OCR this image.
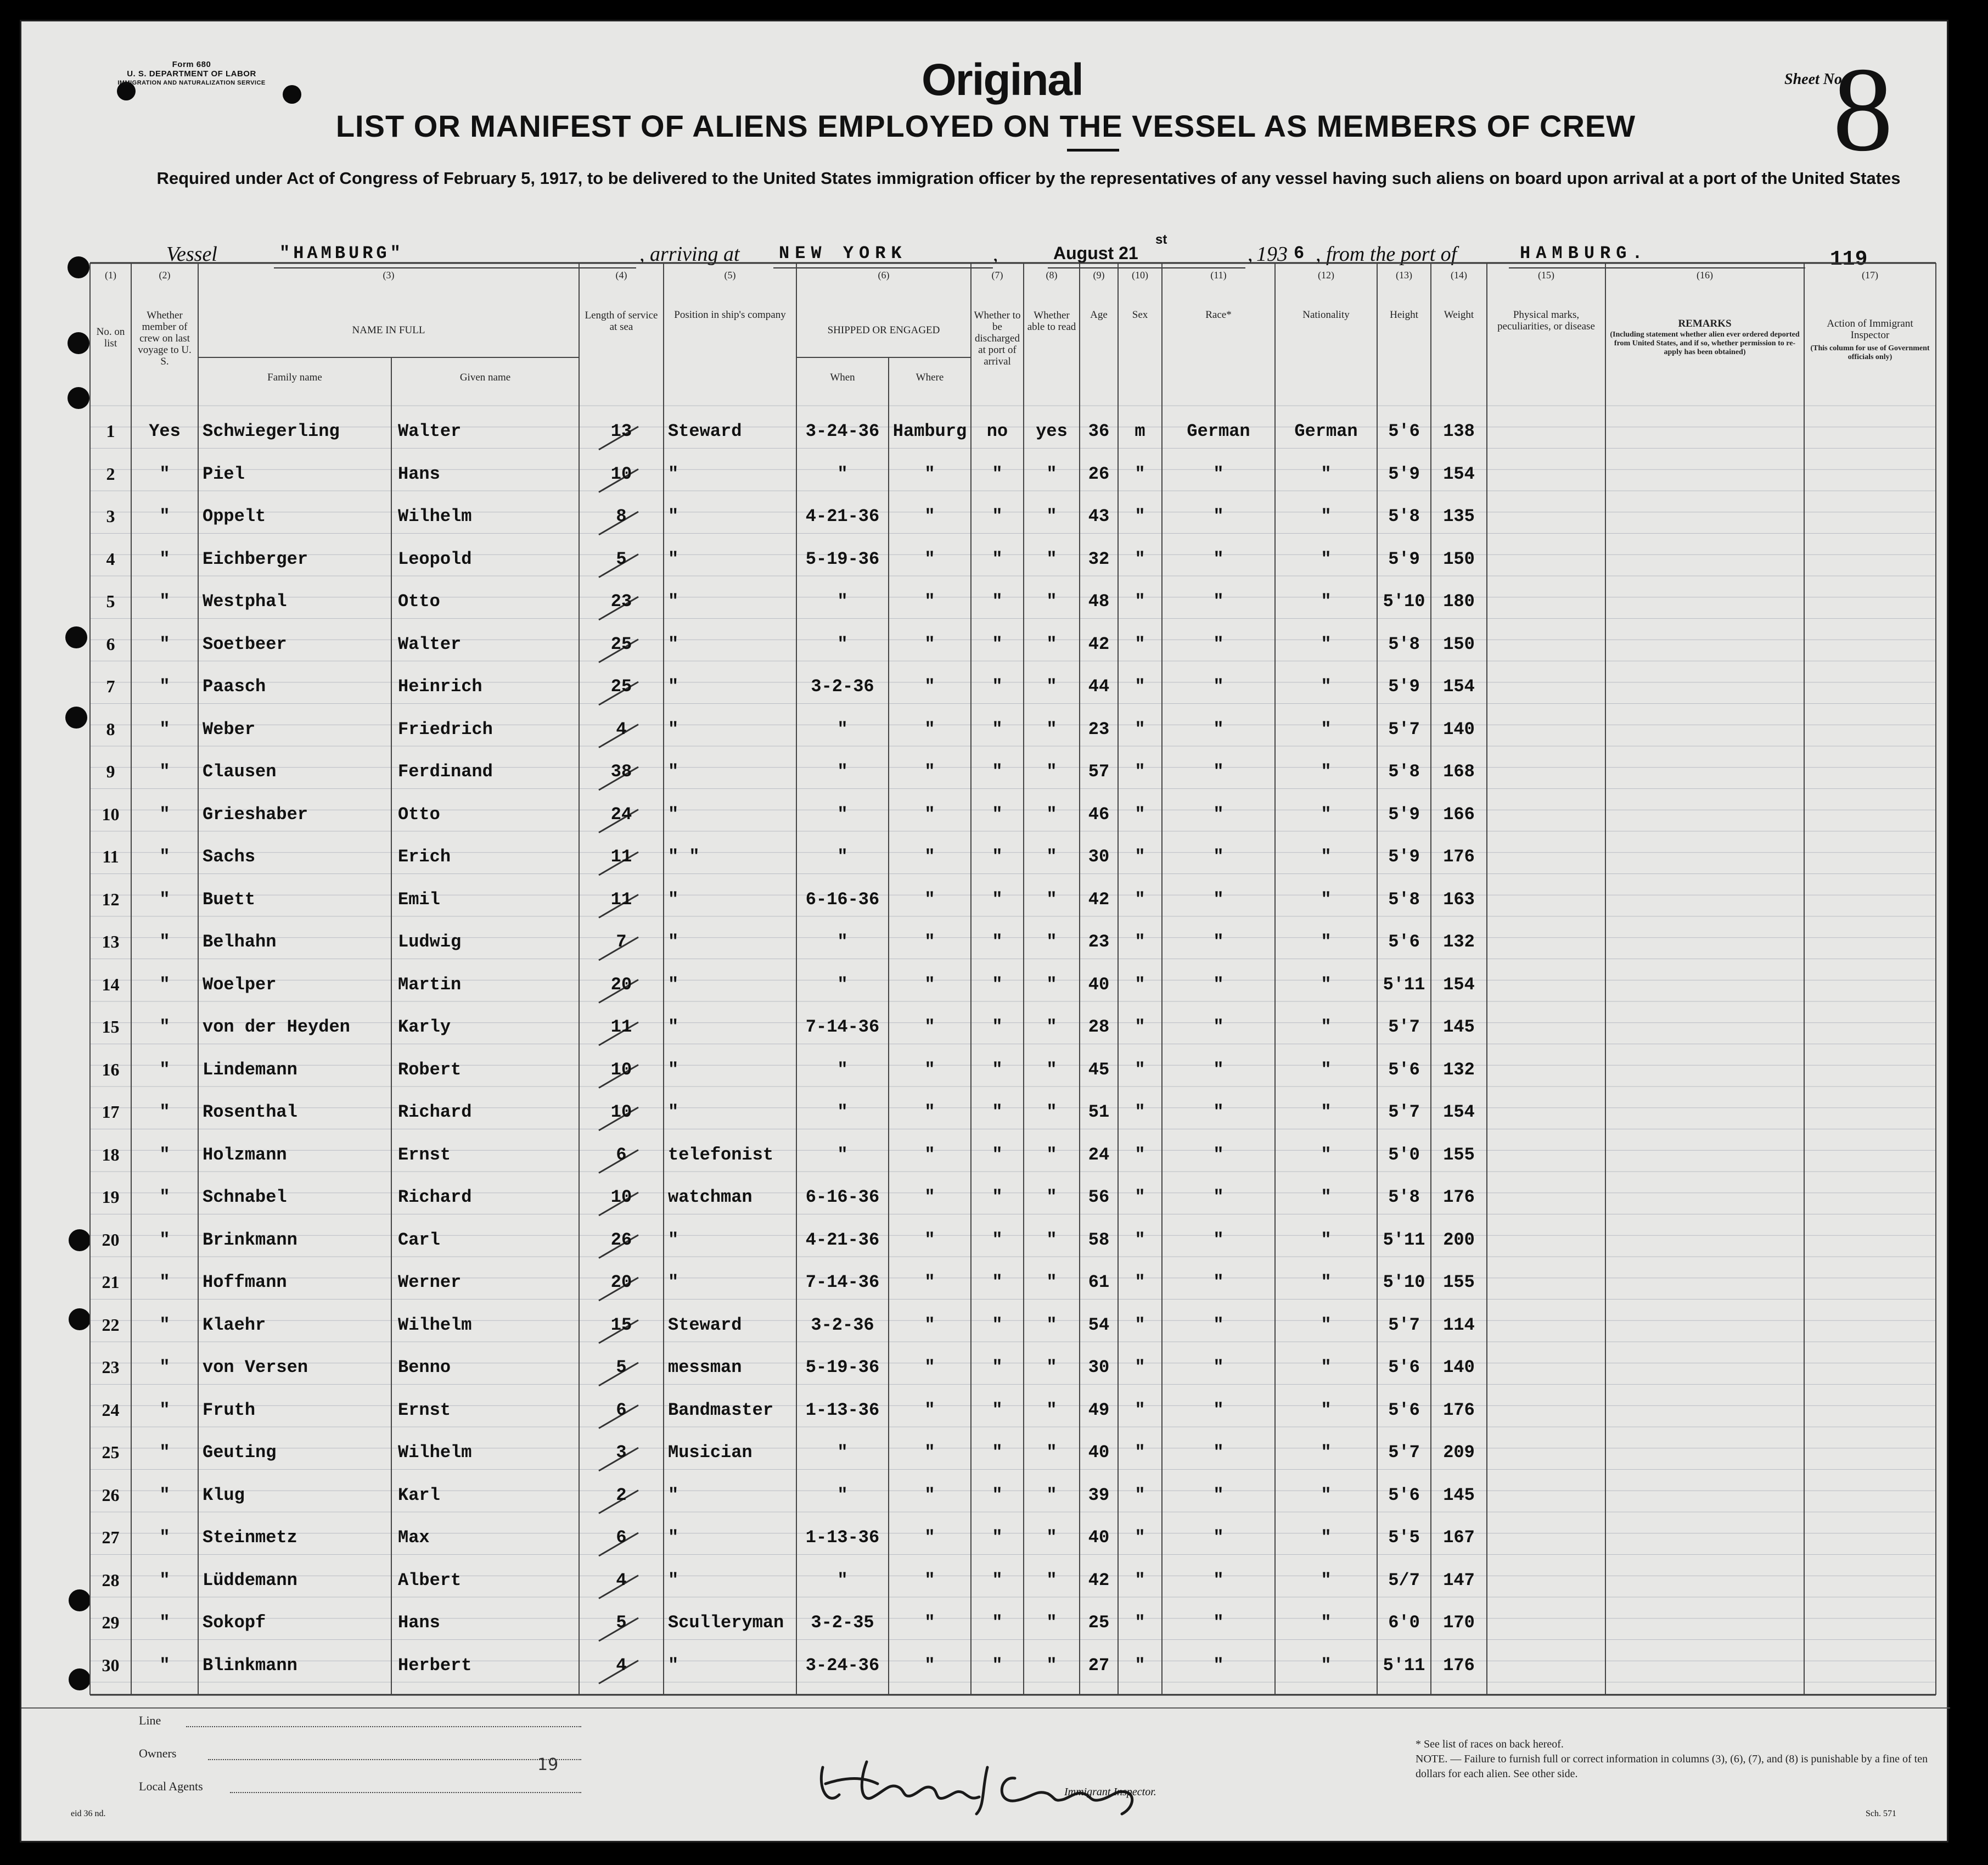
Form 680
U. S. DEPARTMENT OF LABOR
IMMIGRATION AND NATURALIZATION SERVICE	Original	Sheet No.
8
LIST OR MANIFEST OF ALIENS EMPLOYED ON THE VESSEL AS MEMBERS OF CREW
Required under Act of Congress of February 5, 1917, to be delivered to the United States immigration officer by the representatives of any vessel having such aliens on board upon arrival at a port of the United States
Vessel	"HAMBURG"	, arriving at NEW YORK	,	August 21
st
, 193 6 , from the port of	HAMBURG.	119
(1)
No. on list
(2)
Whether member of crew on last voyage to U. S.
(3)
NAME IN FULL
Family name	Given name
(4)
Length of service at sea
(5)
Position in ship's company
(6)
SHIPPED OR ENGAGED
When	Where
(7)
Whether to be discharged at port of arrival
(8)
Whether able to read
(9)
Age
(10)
Sex
(11)
Race*
(12)
Nationality
(13)
Height
(14)
Weight
(15)
Physical marks, peculiarities, or disease
(16)
REMARKS
(Including statement whether alien ever ordered deported from United States, and if so, whether permission to re-apply has been obtained)
(17)
Action of Immigrant Inspector
(This column for use of Government officials only)
1	Yes	Schwiegerling	Walter	13	Steward	3-24-36 Hamburg	no	yes	36	m	German	German	5'6	138
2	"	Piel	Hans	10	"	"	"	"	"	26	"	"	"	5'9	154
3	"	Oppelt	Wilhelm	8	"	4-21-36	"	"	"	43	"	"	"	5'8	135
4	"	Eichberger	Leopold	5	"	5-19-36	"	"	"	32	"	"	"	5'9	150
5	"	Westphal	Otto	23	"	"	"	"	"	48	"	"	"	5'10	180
6	"	Soetbeer	Walter	25	"	"	"	"	"	42	"	"	"	5'8	150
7	"	Paasch	Heinrich	25	"	3-2-36	"	"	"	44	"	"	"	5'9	154
8	"	Weber	Friedrich	4	"	"	"	"	"	23	"	"	"	5'7	140
9	"	Clausen	Ferdinand	38	"	"	"	"	"	57	"	"	"	5'8	168
10	"	Grieshaber	Otto	24	"	"	"	"	"	46	"	"	"	5'9	166
11	"	Sachs	Erich	11	" "	"	"	"	"	30	"	"	"	5'9	176
12	"	Buett	Emil	11	"	6-16-36	"	"	"	42	"	"	"	5'8	163
13	"	Belhahn	Ludwig	7	"	"	"	"	"	23	"	"	"	5'6	132
14	"	Woelper	Martin	20	"	"	"	"	"	40	"	"	"	5'11	154
15	"	von der Heyden	Karly	11	"	7-14-36	"	"	"	28	"	"	"	5'7	145
16	"	Lindemann	Robert	10	"	"	"	"	"	45	"	"	"	5'6	132
17	"	Rosenthal	Richard	10	"	"	"	"	"	51	"	"	"	5'7	154
18	"	Holzmann	Ernst	6	telefonist	"	"	"	"	24	"	"	"	5'0	155
19	"	Schnabel	Richard	10	watchman	6-16-36	"	"	"	56	"	"	"	5'8	176
20	"	Brinkmann	Carl	26	"	4-21-36	"	"	"	58	"	"	"	5'11	200
21	"	Hoffmann	Werner	20	"	7-14-36	"	"	"	61	"	"	"	5'10	155
22	"	Klaehr	Wilhelm	15	Steward	3-2-36	"	"	"	54	"	"	"	5'7	114
23	"	von Versen	Benno	5	messman	5-19-36	"	"	"	30	"	"	"	5'6	140
24	"	Fruth	Ernst	6	Bandmaster	1-13-36	"	"	"	49	"	"	"	5'6	176
25	"	Geuting	Wilhelm	3	Musician	"	"	"	"	40	"	"	"	5'7	209
26	"	Klug	Karl	2	"	"	"	"	"	39	"	"	"	5'6	145
27	"	Steinmetz	Max	6	"	1-13-36	"	"	"	40	"	"	"	5'5	167
28	"	Lüddemann	Albert	4	"	"	"	"	"	42	"	"	"	5/7	147
29	"	Sokopf	Hans	5	Sculleryman	3-2-35	"	"	"	25	"	"	"	6'0	170
30	"	Blinkmann	Herbert	4	"	3-24-36	"	"	"	27	"	"	"	5'11	176
Line
Owners
Local Agents
19
Immigrant Inspector.
* See list of races on back hereof.
NOTE. — Failure to furnish full or correct information in columns (3), (6), (7), and (8) is punishable by a fine of ten dollars for each alien. See other side.
eid 36 nd.	Sch. 571
